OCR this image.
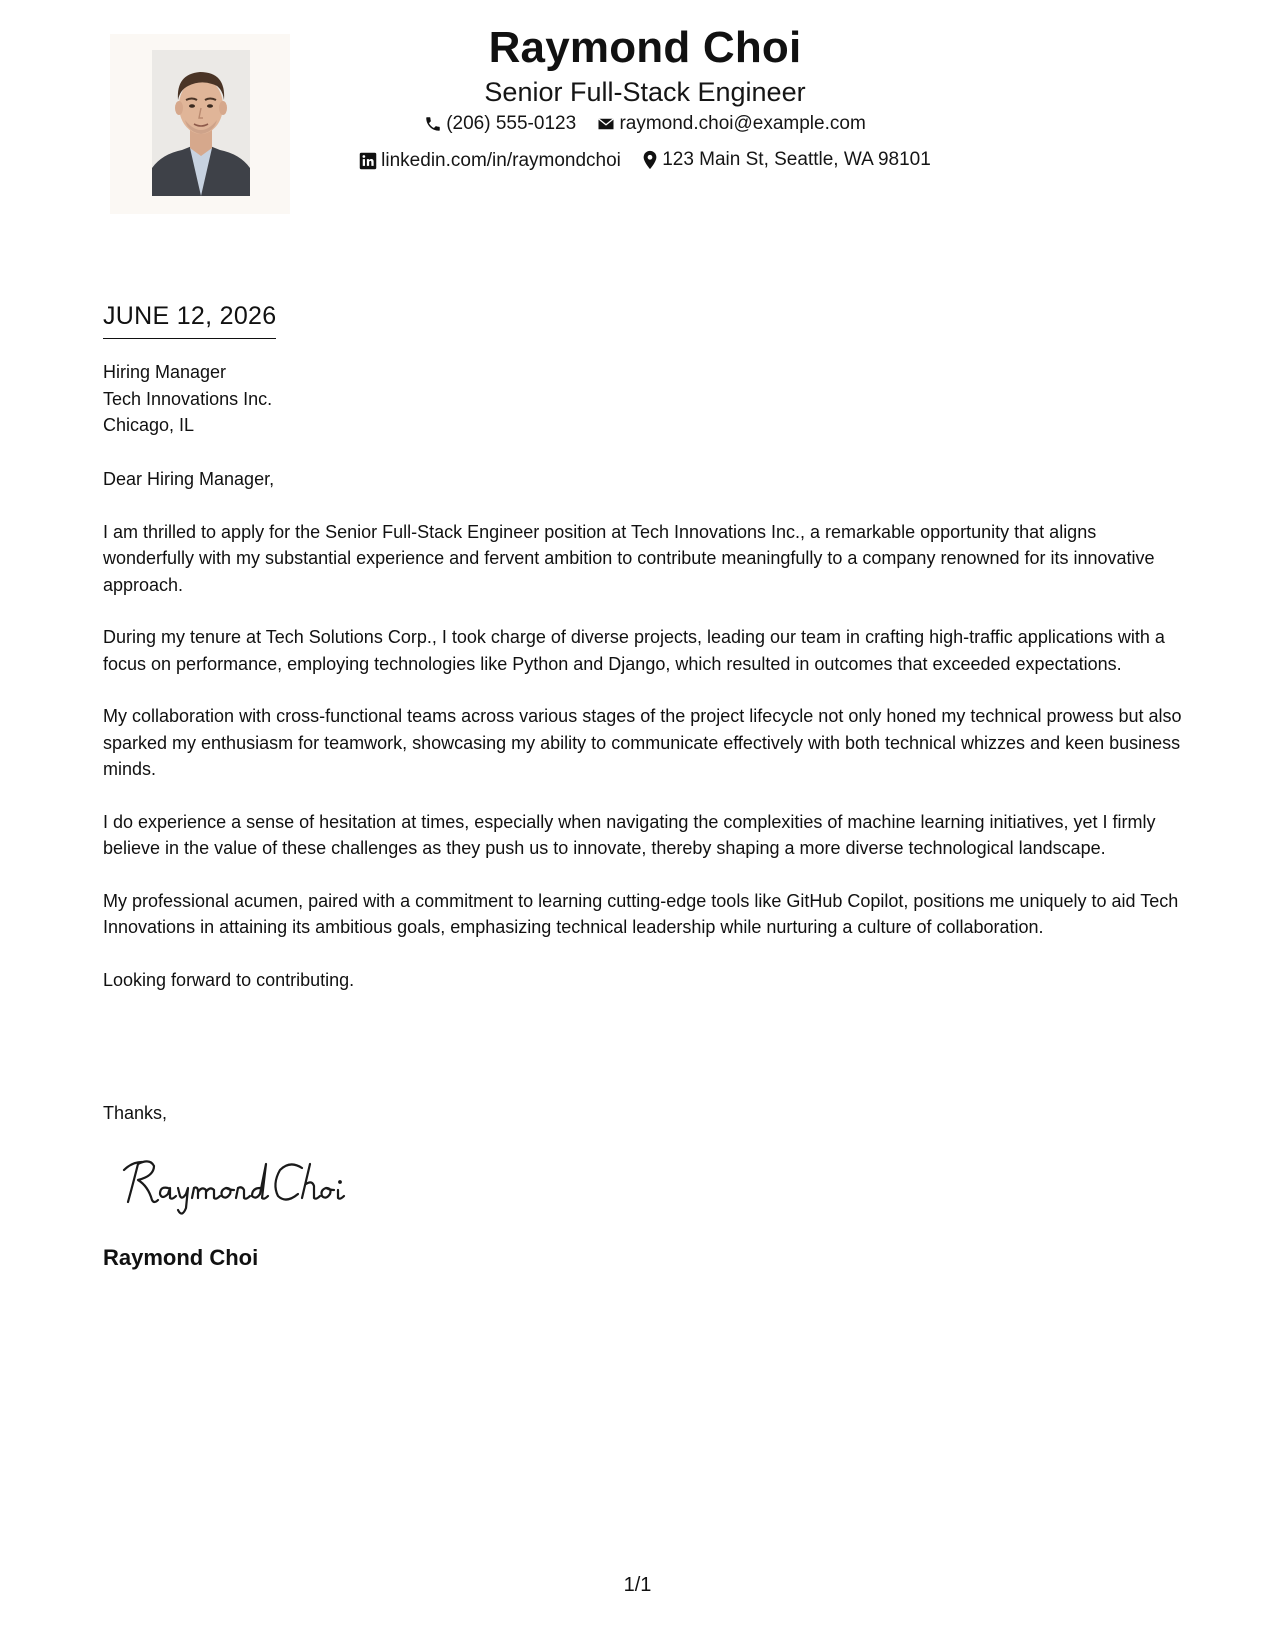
Raymond Choi
Senior Full-Stack Engineer
(206) 555-0123
raymond.choi@example.com
linkedin.com/in/raymondchoi
123 Main St, Seattle, WA 98101
JUNE 12, 2026
Hiring Manager
Tech Innovations Inc.
Chicago, IL

Dear Hiring Manager,

I am thrilled to apply for the Senior Full-Stack Engineer position at Tech Innovations Inc., a remarkable opportunity that aligns wonderfully with my substantial experience and fervent ambition to contribute meaningfully to a company renowned for its innovative approach.

During my tenure at Tech Solutions Corp., I took charge of diverse projects, leading our team in crafting high-traffic applications with a focus on performance, employing technologies like Python and Django, which resulted in outcomes that exceeded expectations.

My collaboration with cross-functional teams across various stages of the project lifecycle not only honed my technical prowess but also sparked my enthusiasm for teamwork, showcasing my ability to communicate effectively with both technical whizzes and keen business minds.

I do experience a sense of hesitation at times, especially when navigating the complexities of machine learning initiatives, yet I firmly believe in the value of these challenges as they push us to innovate, thereby shaping a more diverse technological landscape.

My professional acumen, paired with a commitment to learning cutting-edge tools like GitHub Copilot, positions me uniquely to aid Tech Innovations in attaining its ambitious goals, emphasizing technical leadership while nurturing a culture of collaboration.

Looking forward to contributing.

Thanks,
Raymond Choi
1/1
